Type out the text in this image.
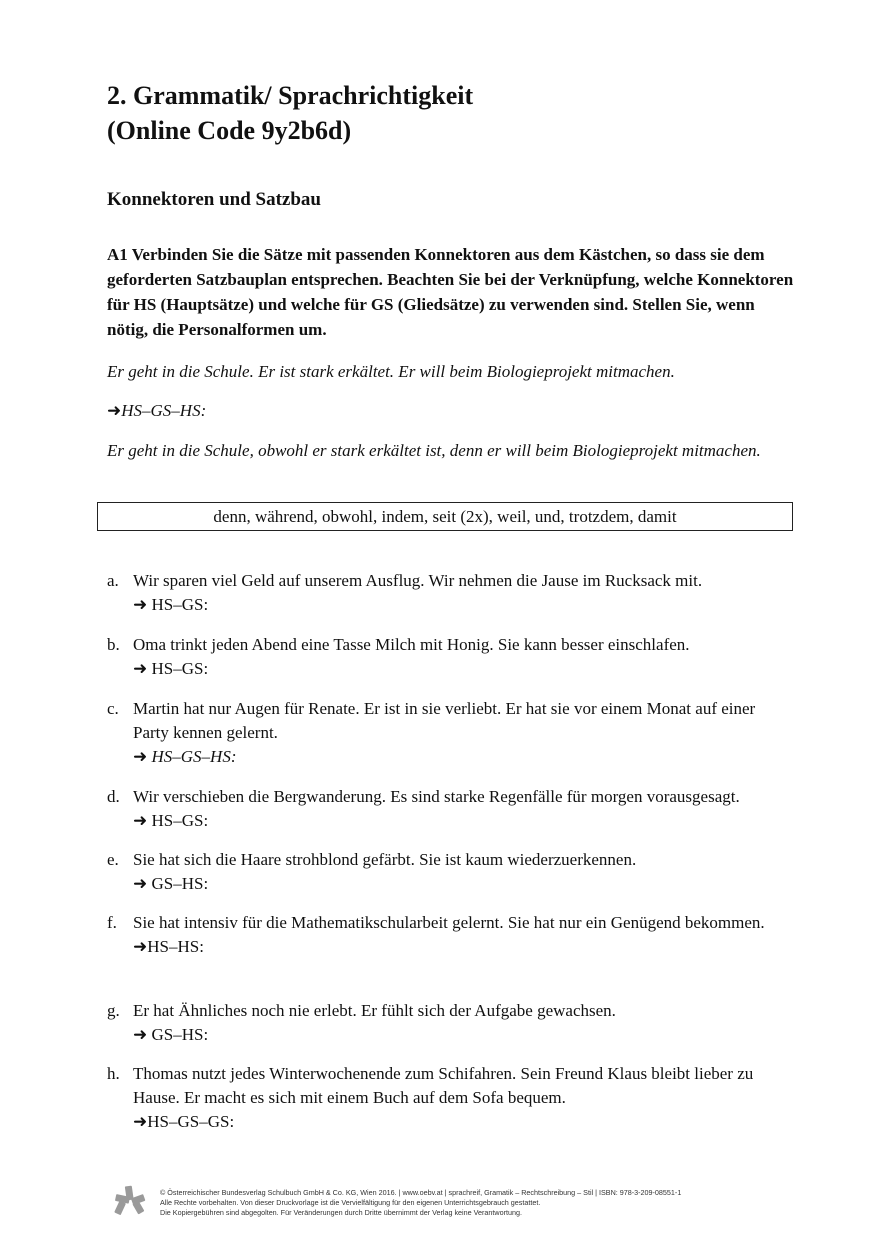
2. Grammatik/ Sprachrichtigkeit
(Online Code 9y2b6d)
Konnektoren und Satzbau
A1 Verbinden Sie die Sätze mit passenden Konnektoren aus dem Kästchen, so dass sie dem geforderten Satzbauplan entsprechen. Beachten Sie bei der Verknüpfung, welche Konnektoren für HS (Hauptsätze) und welche für GS (Gliedsätze) zu verwenden sind. Stellen Sie, wenn nötig, die Personalformen um.
Er geht in die Schule. Er ist stark erkältet. Er will beim Biologieprojekt mitmachen.
➜HS–GS–HS:
Er geht in die Schule, obwohl er stark erkältet ist, denn er will beim Biologieprojekt mitmachen.
denn, während, obwohl, indem, seit (2x), weil, und, trotzdem, damit
a. Wir sparen viel Geld auf unserem Ausflug. Wir nehmen die Jause im Rucksack mit.
➜ HS–GS:
b. Oma trinkt jeden Abend eine Tasse Milch mit Honig. Sie kann besser einschlafen.
➜ HS–GS:
c. Martin hat nur Augen für Renate. Er ist in sie verliebt. Er hat sie vor einem Monat auf einer Party kennen gelernt.
➜ HS–GS–HS:
d. Wir verschieben die Bergwanderung. Es sind starke Regenfälle für morgen vorausgesagt.
➜ HS–GS:
e. Sie hat sich die Haare strohblond gefärbt. Sie ist kaum wiederzuerkennen.
➜ GS–HS:
f. Sie hat intensiv für die Mathematikschularbeit gelernt. Sie hat nur ein Genügend bekommen.
➜HS–HS:
g. Er hat Ähnliches noch nie erlebt. Er fühlt sich der Aufgabe gewachsen.
➜ GS–HS:
h. Thomas nutzt jedes Winterwochenende zum Schifahren. Sein Freund Klaus bleibt lieber zu Hause. Er macht es sich mit einem Buch auf dem Sofa bequem.
➜HS–GS–GS:
© Österreichischer Bundesverlag Schulbuch GmbH & Co. KG, Wien 2016. | www.oebv.at | sprachreif, Gramatik – Rechtschreibung – Stil | ISBN: 978-3-209-08551-1
Alle Rechte vorbehalten. Von dieser Druckvorlage ist die Vervielfältigung für den eigenen Unterrichtsgebrauch gestattet.
Die Kopiergebühren sind abgegolten. Für Veränderungen durch Dritte übernimmt der Verlag keine Verantwortung.
